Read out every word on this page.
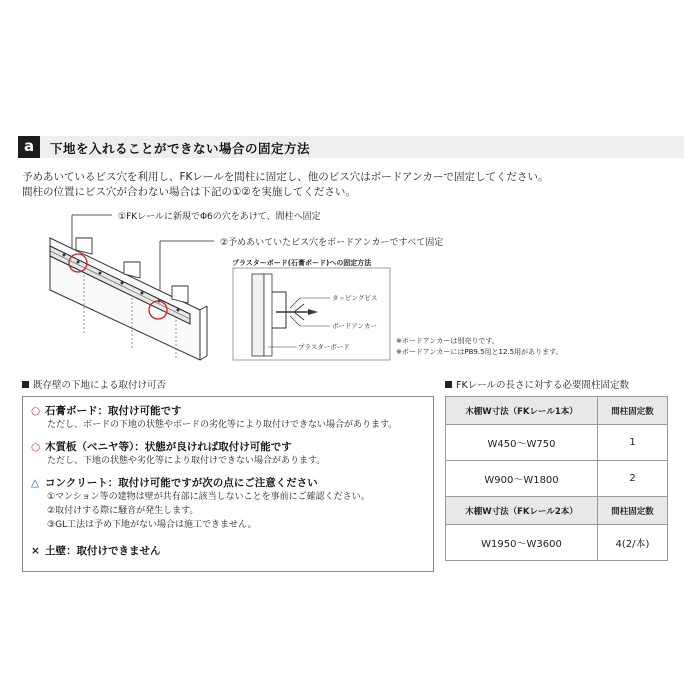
a	下地を入れることができない場合の固定方法
予めあいているビス穴を利用し、FKレールを間柱に固定し、他のビス穴はボードアンカーで固定してください。
間柱の位置にビス穴が合わない場合は下記の①②を実施してください。
①FKレールに新規でΦ6の穴をあけて、間柱へ固定
②予めあいていたビス穴をボードアンカーですべて固定
プラスターボード(石膏ボード)への固定方法
タッピングビス
ボードアンカー
プラスターボード
※ボードアンカーは別売りです。
※ボードアンカーにはPB9.5用と12.5用があります。
既存壁の下地による取付け可否
○ 石膏ボード：取付け可能です
ただし、ボードの下地の状態やボードの劣化等により取付けできない場合があります。
○ 木質板（ベニヤ等）：状態が良ければ取付け可能です
ただし、下地の状態や劣化等により取付けできない場合があります。
△ コンクリート：取付け可能ですが次の点にご注意ください
①マンション等の建物は壁が共有部に該当しないことを事前にご確認ください。
②取付けする際に騒音が発生します。
③GL工法は予め下地がない場合は施工できません。
× 土壁：取付けできません
FKレールの長さに対する必要間柱固定数
木棚W寸法（FKレール1本）	間柱固定数
W450～W750	1
W900～W1800	2
木棚W寸法（FKレール2本）	間柱固定数
W1950～W3600	4(2/本)
